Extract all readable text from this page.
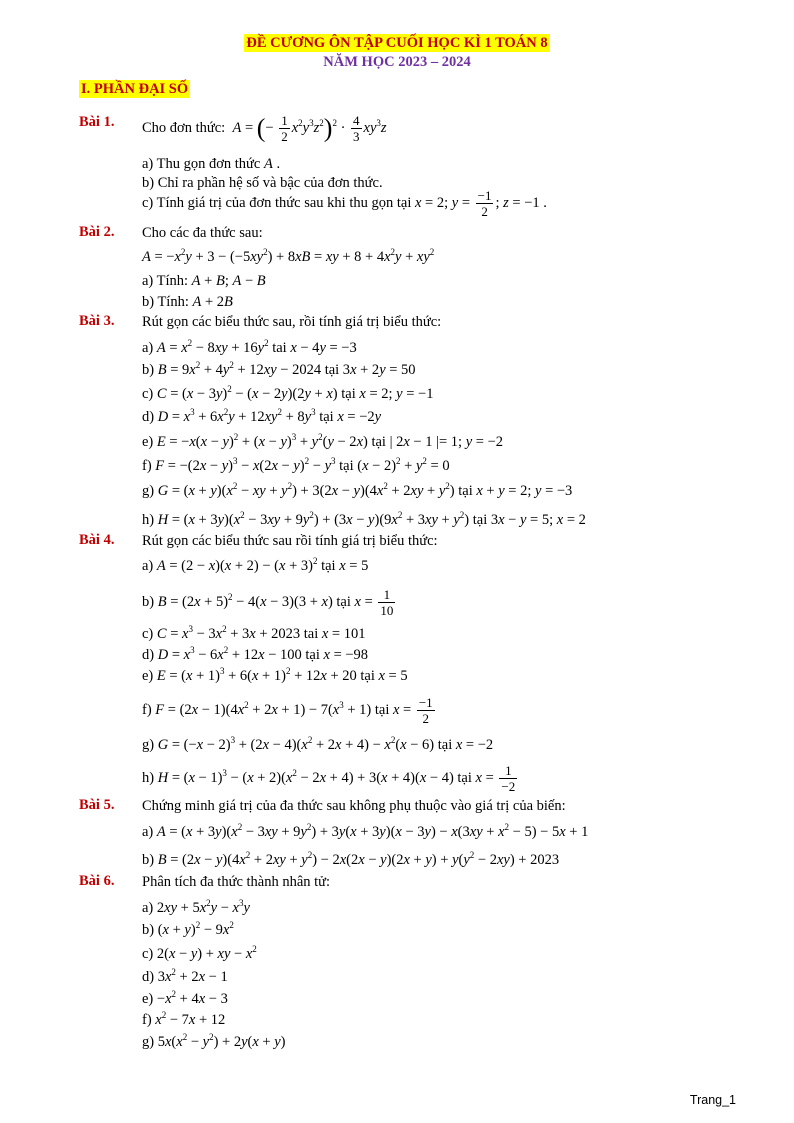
ĐỀ CƯƠNG ÔN TẬP CUỐI HỌC KÌ 1 TOÁN 8
NĂM HỌC 2023 – 2024
I. PHẦN ĐẠI SỐ
Bài 1. Cho đơn thức: A = (− $\frac{1}{2} x^2y^3z^2)^2 \cdot \frac{4}{3} xy^3z$
a) Thu gọn đơn thức A .
b) Chỉ ra phần hệ số và bậc của đơn thức.
c) Tính giá trị của đơn thức sau khi thu gọn tại x = 2; $y = \frac{-1}{2}$ ; z = −1 .
Bài 2. Cho các đa thức sau:
$A = -x^2y + 3 - (-5xy^2) + 8xB$ = xy + $8 + 4x^2y + xy^2$
a) Tính: A + B; A − B
b) Tính: A + 2B
Bài 3. Rút gọn các biểu thức sau, rồi tính giá trị biểu thức:
a) $A = x^2 - 8xy + 16y^2$ tai x − 4y = −3
b) $B = 9x^2 + 4y^2 + 12xy - 2024$ tại 3x + 2y = 50
c) $C = (x - 3y)^2 - (x - 2y)(2y + x)$ tại x = 2; y = −1
d) $D = x^3 + 6x^2y + 12xy^2 + 8y^3$ tại x = −2y
e) $E = -x(x - y)^2 + (x - y)^3 + y^2(y - 2x)$ tại | 2x − 1 |= 1; y = −2
f) $F = -(2x - y)^3 - x(2x - y)^2 - y^3$ tại $(x - 2)^2 + y^2 = 0$
g) $G = (x + y)(x^2$ − xy + $y^2) + 3(2x - y)(4x^2 + 2xy + y^2)$ tại x + y = 2; y = −3
h) $H = (x + 3y)(x^2 - 3xy + 9y^2) + (3x - y)(9x^2 + 3xy + y^2)$ tại 3x − y = 5; x = 2
Bài 4. Rút gọn các biểu thức sau rồi tính giá trị biểu thức:
a) $A = (2 - x)(x + 2) - (x + 3)^2$ tại x = 5
b) $B = (2x + 5)^2 - 4(x - 3)(3 + x)$ tại $x = \frac{1}{10}$
c) $C = x^3 - 3x^2 + 3x + 2023$ tai x = 101
d) $D = x^3 - 6x^2 + 12x - 100$ tại x = −98
e) $E = (x + 1)^3 + 6(x + 1)^2 + 12x + 20$ tại x = 5
f) $F = (2x - 1)(4x^2 + 2x + 1) - 7(x^3 + 1)$ tại $x = \frac{-1}{2}$
g) $G = (-x - 2)^3 + (2x - 4)(x^2 + 2x + 4) - x^2(x - 6)$ tại x = −2
h) $H = (x - 1)^3 - (x + 2)(x^2 - 2x + 4) + 3(x + 4)(x - 4)$ tại $x = \frac{1}{-2}$
Bài 5. Chứng minh giá trị của đa thức sau không phụ thuộc vào giá trị của biến:
a) $A = (x + 3y)(x^2 - 3xy + 9y^2) + 3y(x + 3y)(x - 3y) - x(3xy + x^2 - 5) - 5x + 1$
b) $B = (2x - y)(4x^2 + 2xy + y^2) - 2x(2x - y)(2x + y) + y(y^2 - 2xy) + 2023$
Bài 6. Phân tích đa thức thành nhân tử:
a) $2xy + 5x^2y - x^3y$
b) $(x + y)^2 - 9x^2$
c) 2(x − y) + xy − $x^2$
d) $3x^2 + 2x - 1$
$e) -x^2 + 4x - 3$
f) $x^2 - 7x + 12$
g) $5x(x^2 - y^2) + 2y(x + y)$
Trang_1
